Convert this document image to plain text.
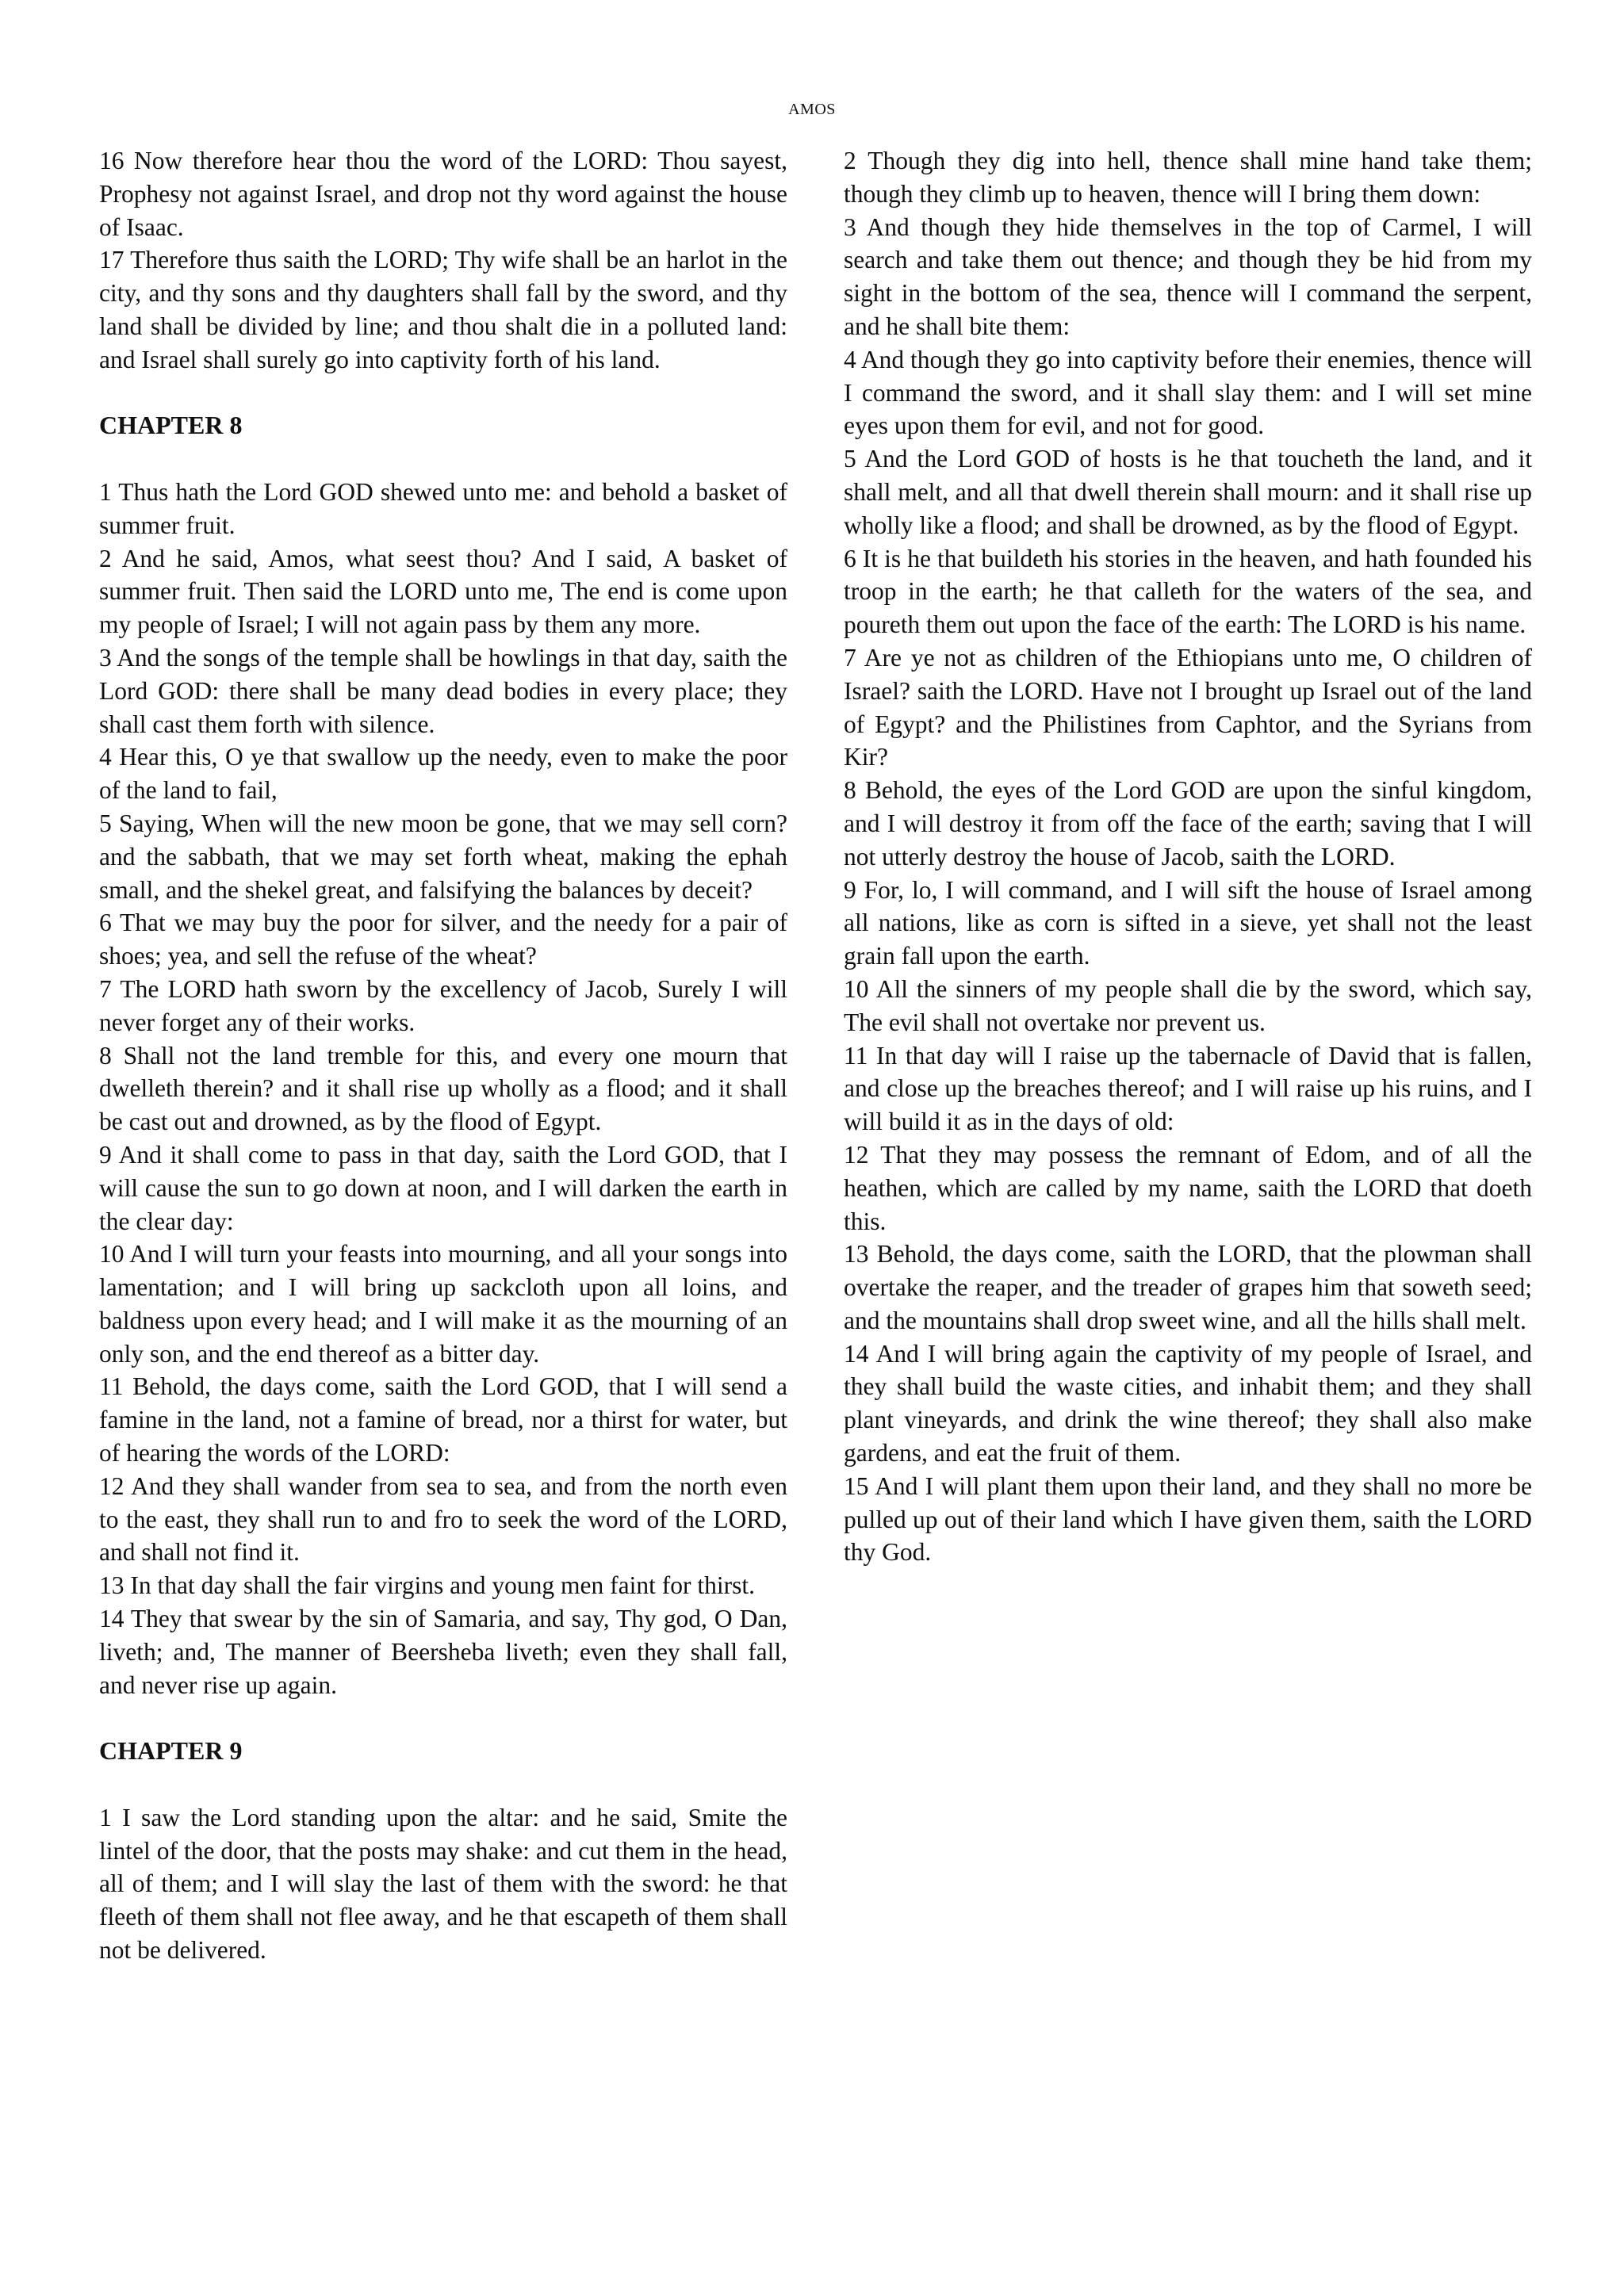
AMOS

16 Now therefore hear thou the word of the LORD: Thou sayest, Prophesy not against Israel, and drop not thy word against the house of Isaac.

17 Therefore thus saith the LORD; Thy wife shall be an harlot in the city, and thy sons and thy daughters shall fall by the sword, and thy land shall be divided by line; and thou shalt die in a polluted land: and Israel shall surely go into captivity forth of his land.

CHAPTER 8

1 Thus hath the Lord GOD shewed unto me: and behold a basket of summer fruit.

2 And he said, Amos, what seest thou? And I said, A basket of summer fruit. Then said the LORD unto me, The end is come upon my people of Israel; I will not again pass by them any more.

3 And the songs of the temple shall be howlings in that day, saith the Lord GOD: there shall be many dead bodies in every place; they shall cast them forth with silence.

4 Hear this, O ye that swallow up the needy, even to make the poor of the land to fail,

5 Saying, When will the new moon be gone, that we may sell corn? and the sabbath, that we may set forth wheat, making the ephah small, and the shekel great, and falsifying the balances by deceit?

6 That we may buy the poor for silver, and the needy for a pair of shoes; yea, and sell the refuse of the wheat?

7 The LORD hath sworn by the excellency of Jacob, Surely I will never forget any of their works.

8 Shall not the land tremble for this, and every one mourn that dwelleth therein? and it shall rise up wholly as a flood; and it shall be cast out and drowned, as by the flood of Egypt.

9 And it shall come to pass in that day, saith the Lord GOD, that I will cause the sun to go down at noon, and I will darken the earth in the clear day:

10 And I will turn your feasts into mourning, and all your songs into lamentation; and I will bring up sackcloth upon all loins, and baldness upon every head; and I will make it as the mourning of an only son, and the end thereof as a bitter day.

11 Behold, the days come, saith the Lord GOD, that I will send a famine in the land, not a famine of bread, nor a thirst for water, but of hearing the words of the LORD:

12 And they shall wander from sea to sea, and from the north even to the east, they shall run to and fro to seek the word of the LORD, and shall not find it.

13 In that day shall the fair virgins and young men faint for thirst.

14 They that swear by the sin of Samaria, and say, Thy god, O Dan, liveth; and, The manner of Beersheba liveth; even they shall fall, and never rise up again.

CHAPTER 9

1 I saw the Lord standing upon the altar: and he said, Smite the lintel of the door, that the posts may shake: and cut them in the head, all of them; and I will slay the last of them with the sword: he that fleeth of them shall not flee away, and he that escapeth of them shall not be delivered.

2 Though they dig into hell, thence shall mine hand take them; though they climb up to heaven, thence will I bring them down:

3 And though they hide themselves in the top of Carmel, I will search and take them out thence; and though they be hid from my sight in the bottom of the sea, thence will I command the serpent, and he shall bite them:

4 And though they go into captivity before their enemies, thence will I command the sword, and it shall slay them: and I will set mine eyes upon them for evil, and not for good.

5 And the Lord GOD of hosts is he that toucheth the land, and it shall melt, and all that dwell therein shall mourn: and it shall rise up wholly like a flood; and shall be drowned, as by the flood of Egypt.

6 It is he that buildeth his stories in the heaven, and hath founded his troop in the earth; he that calleth for the waters of the sea, and poureth them out upon the face of the earth: The LORD is his name.

7 Are ye not as children of the Ethiopians unto me, O children of Israel? saith the LORD. Have not I brought up Israel out of the land of Egypt? and the Philistines from Caphtor, and the Syrians from Kir?

8 Behold, the eyes of the Lord GOD are upon the sinful kingdom, and I will destroy it from off the face of the earth; saving that I will not utterly destroy the house of Jacob, saith the LORD.

9 For, lo, I will command, and I will sift the house of Israel among all nations, like as corn is sifted in a sieve, yet shall not the least grain fall upon the earth.

10 All the sinners of my people shall die by the sword, which say, The evil shall not overtake nor prevent us.

11 In that day will I raise up the tabernacle of David that is fallen, and close up the breaches thereof; and I will raise up his ruins, and I will build it as in the days of old:

12 That they may possess the remnant of Edom, and of all the heathen, which are called by my name, saith the LORD that doeth this.

13 Behold, the days come, saith the LORD, that the plowman shall overtake the reaper, and the treader of grapes him that soweth seed; and the mountains shall drop sweet wine, and all the hills shall melt.

14 And I will bring again the captivity of my people of Israel, and they shall build the waste cities, and inhabit them; and they shall plant vineyards, and drink the wine thereof; they shall also make gardens, and eat the fruit of them.

15 And I will plant them upon their land, and they shall no more be pulled up out of their land which I have given them, saith the LORD thy God.
